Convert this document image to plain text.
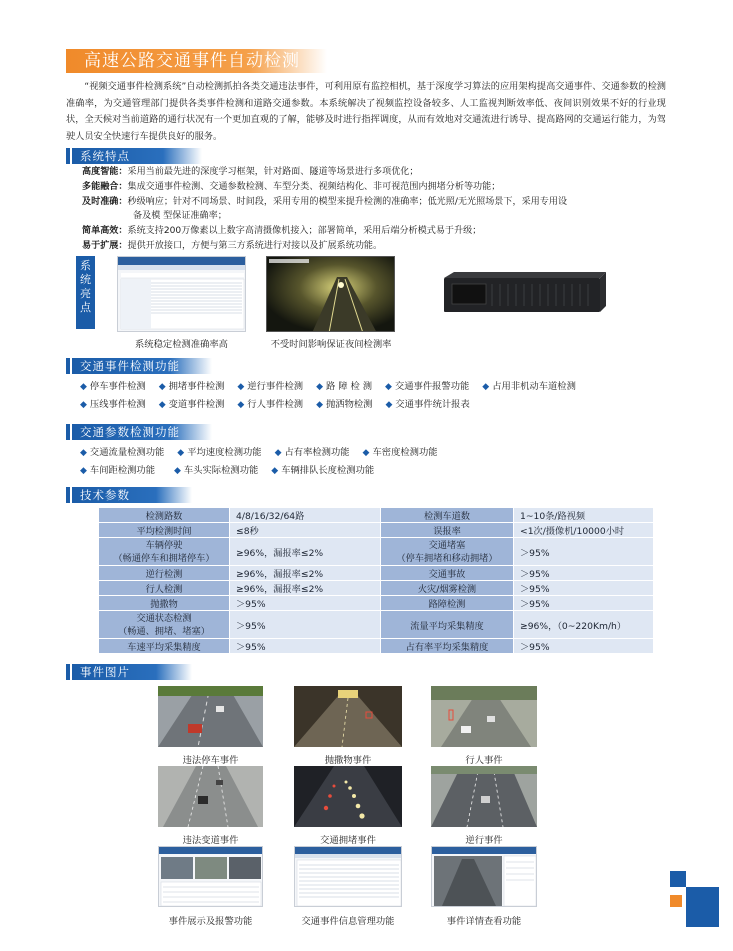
高速公路交通事件自动检测
“视频交通事件检测系统”自动检测抓拍各类交通违法事件，可利用原有监控相机，基于深度学习算法的应用架构提高交通事件、交通参数的检测准确率，为交通管理部门提供各类事件检测和道路交通参数。本系统解决了视频监控设备较多、人工监视判断效率低、夜间识别效果不好的行业现状，全天候对当前道路的通行状况有一个更加直观的了解，能够及时进行指挥调度，从而有效地对交通流进行诱导、提高路网的交通运行能力，为驾驶人员安全快速行车提供良好的服务。
系统特点
高度智能： 采用当前最先进的深度学习框架，针对路面、隧道等场景进行多项优化；
多能融合： 集成交通事件检测、交通参数检测、车型分类、视频结构化、非可视范围内拥堵分析等功能；
及时准确： 秒级响应；针对不同场景、时间段，采用专用的模型来提升检测的准确率；低光照/无光照场景下，采用专用设
备及模 型保证准确率；
简单高效： 系统支持200万像素以上数字高清摄像机接入；部署简单，采用后端分析模式易于升级；
易于扩展： 提供开放接口，方便与第三方系统进行对接以及扩展系统功能。
系统亮点
系统稳定检测准确率高	不受时间影响保证夜间检测率
交通事件检测功能
◆ 停车事件检测 ◆ 拥堵事件检测 ◆ 逆行事件检测 ◆ 路 障 检 测 ◆ 交通事件报警功能 ◆ 占用非机动车道检测
◆ 压线事件检测 ◆ 变道事件检测 ◆ 行人事件检测 ◆ 抛洒物检测 ◆ 交通事件统计报表
交通参数检测功能
◆ 交通流量检测功能 ◆ 平均速度检测功能 ◆ 占有率检测功能 ◆ 车密度检测功能
◆ 车间距检测功能 ◆ 车头实际检测功能 ◆ 车辆排队长度检测功能
技术参数
检测路数	4/8/16/32/64路	检测车道数	1~10条/路视频
平均检测时间	≤8秒	误报率	<1次/摄像机/10000小时
车辆停驶
（畅通停车和拥堵停车）	≥96%，漏报率≤2%	交通堵塞
（停车拥堵和移动拥堵）	＞95%
逆行检测	≥96%，漏报率≤2%	交通事故	＞95%
行人检测	≥96%，漏报率≤2%	火灾/烟雾检测	＞95%
抛撒物	＞95%	路障检测	＞95%
交通状态检测
（畅通、拥堵、堵塞）	＞95%	流量平均采集精度	≥96%，（0~220Km/h）
车速平均采集精度	＞95%	占有率平均采集精度	＞95%
事件图片
违法停车事件	抛撒物事件	行人事件
违法变道事件	交通拥堵事件	逆行事件
事件展示及报警功能	交通事件信息管理功能	事件详情查看功能
